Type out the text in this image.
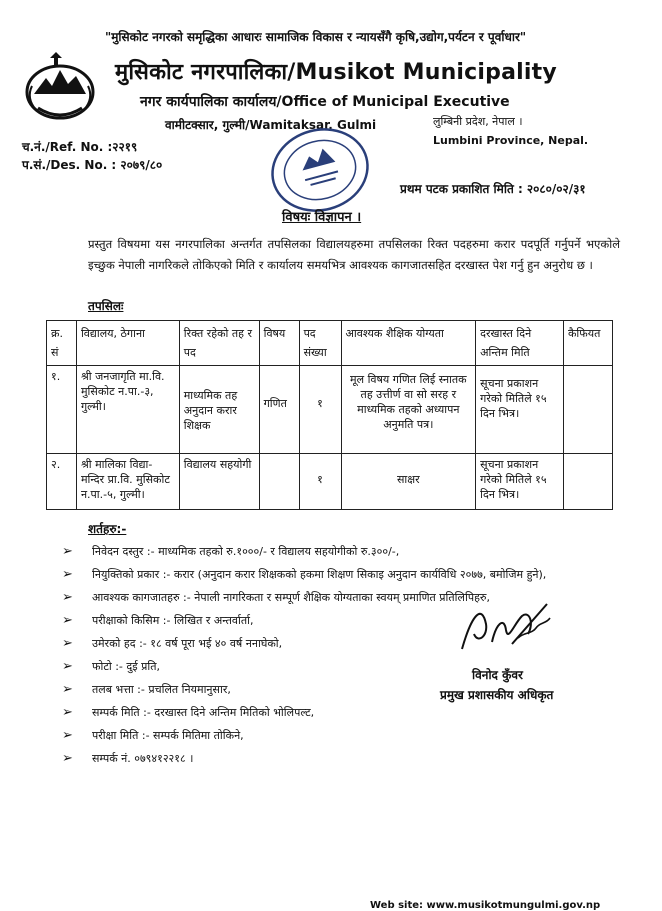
"मुसिकोट नगरको समृद्धिका आधारः सामाजिक विकास र न्यायसँगै कृषि,उद्योग,पर्यटन र पूर्वाधार"
मुसिकोट नगरपालिका/Musikot Municipality
नगर कार्यपालिका कार्यालय/Office of Municipal Executive
वामीटक्सार, गुल्मी/Wamitaksar, Gulmi	लुम्बिनी प्रदेश, नेपाल ।
Lumbini Province, Nepal.
च.नं./Ref. No. :२२१९
प.सं./Des. No. : २०७९/८०
प्रथम पटक प्रकाशित मिति : २०८०/०२/३१
विषयः विज्ञापन ।
प्रस्तुत विषयमा यस नगरपालिका अन्तर्गत तपसिलका विद्यालयहरुमा तपसिलका रिक्त पदहरुमा करार पदपूर्ति गर्नुपर्ने भएकोले इच्छुक नेपाली नागरिकले तोकिएको मिति र कार्यालय समयभित्र आवश्यक कागजातसहित दरखास्त पेश गर्नु हुन अनुरोध छ ।
तपसिलः
क्र. सं	विद्यालय, ठेगाना	रिक्त रहेको तह र पद	विषय	पद संख्या	आवश्यक शैक्षिक योग्यता	दरखास्त दिने अन्तिम मिति	कैफियत
१.	श्री जनजागृति मा.वि. मुसिकोट न.पा.-३, गुल्मी।	माध्यमिक तह अनुदान करार शिक्षक	गणित	१	मूल विषय गणित लिई स्नातक तह उत्तीर्ण वा सो सरह र माध्यमिक तहको अध्यापन अनुमति पत्र।	सूचना प्रकाशन गरेको मितिले १५ दिन भित्र।	
२.	श्री मालिका विद्या-मन्दिर प्रा.वि. मुसिकोट न.पा.-५, गुल्मी।	विद्यालय सहयोगी		१	साक्षर	सूचना प्रकाशन गरेको मितिले १५ दिन भित्र।	
शर्तहरु:-
➢	निवेदन दस्तुर :- माध्यमिक तहको रु.१०००/- र विद्यालय सहयोगीको रु.३००/-,
➢	नियुक्तिको प्रकार :- करार (अनुदान करार शिक्षकको हकमा शिक्षण सिकाइ अनुदान कार्यविधि २०७७, बमोजिम हुने),
➢	आवश्यक कागजातहरु :- नेपाली नागरिकता र सम्पूर्ण शैक्षिक योग्यताका स्वयम् प्रमाणित प्रतिलिपिहरु,
➢	परीक्षाको किसिम :- लिखित र अन्तर्वार्ता,
➢	उमेरको हद :- १८ वर्ष पूरा भई ४० वर्ष ननाघेको,
➢	फोटो :- दुई प्रति,
➢	तलब भत्ता :- प्रचलित नियमानुसार,
➢	सम्पर्क मिति :- दरखास्त दिने अन्तिम मितिको भोलिपल्ट,
➢	परीक्षा मिति :- सम्पर्क मितिमा तोकिने,
➢	सम्पर्क नं. ०७९४१२२१८ ।
विनोद कुँवर
प्रमुख प्रशासकीय अधिकृत
Web site: www.musikotmungulmi.gov.np
